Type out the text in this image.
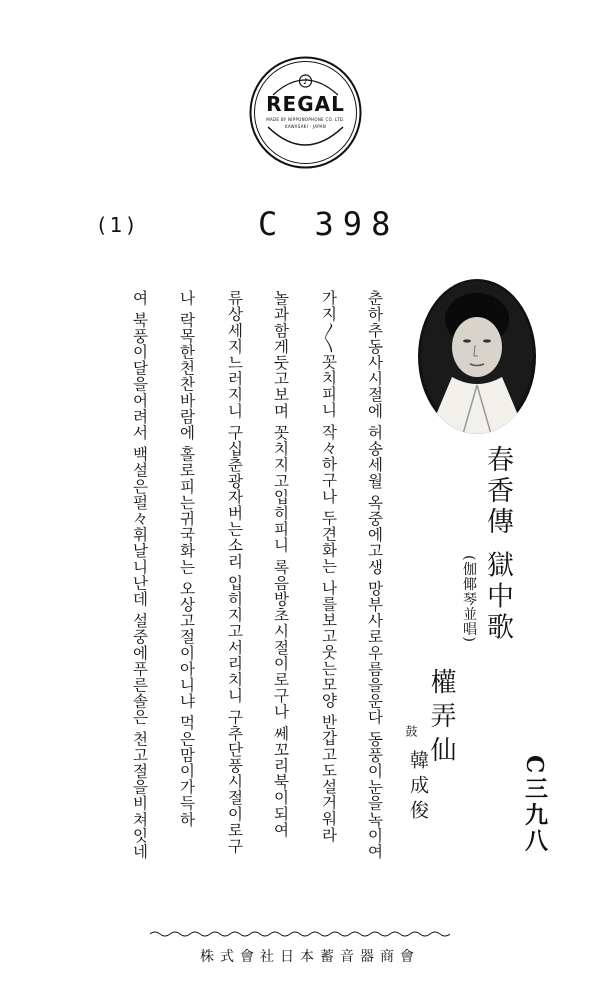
♪
REGAL
MADE BY NIPPONOPHONE CO. LTD.
KAWASAKI · JAPAN
(1)	C 398
춘하추동사시절에 허송세월 옥중에고생 망부사로우름을운다 동풍이눈을녹이여
가지〱꼿치피니 작々하구나 두견화는 나를보고웃는모양 반갑고도설거워라
놀과함게둣고보며 꼿치지고입히피니 록음방초시절이로구나 쎄꼬리북이되여
류상세지느러지니 구십춘광자버는소리 입히지고서리치니 구추단풍시절이로구
나 락목한천찬바람에 홀로피는귀국화는 오상고절이아니냐 먹은맘이가득하
여 북풍이달을어려서 백설은펄々휘날니난데 설중에푸른솔은 천고절을비쳐잇네	春香傳 獄中歌
(伽倻琴並唱)
權弄仙
鼓
韓成俊	C三九八
株式會社日本蓄音器商會
